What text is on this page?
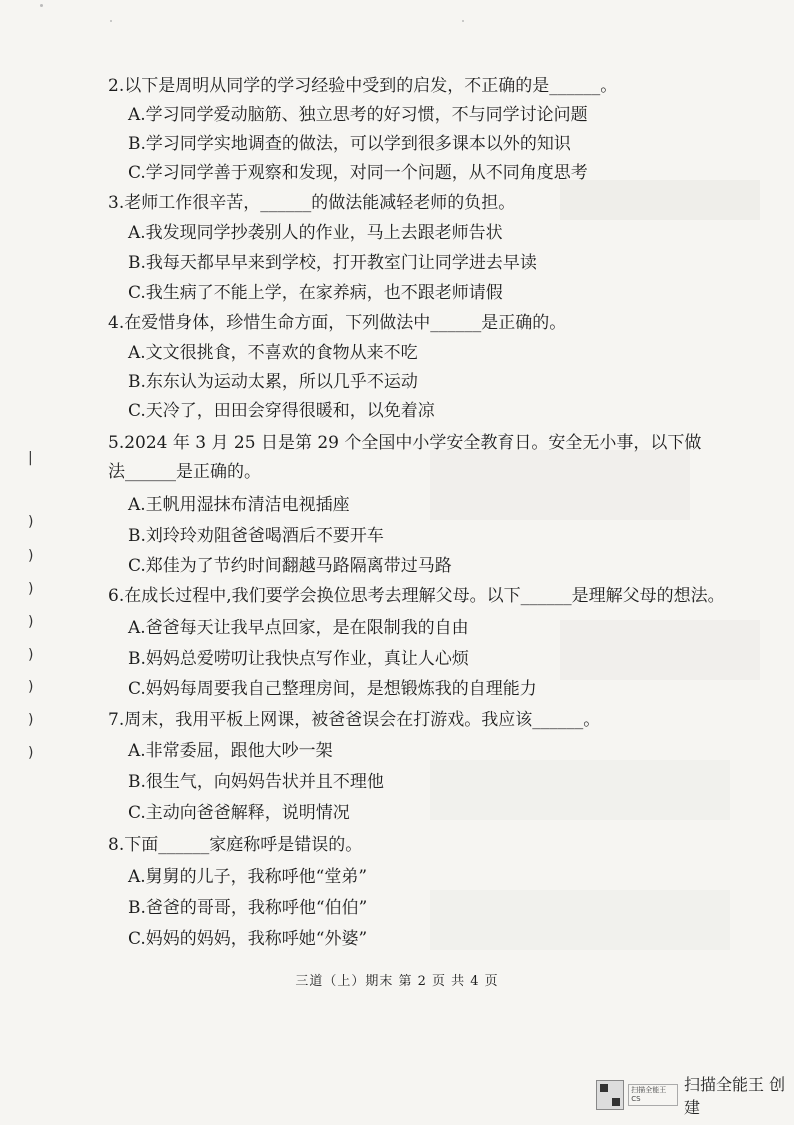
2.以下是周明从同学的学习经验中受到的启发，不正确的是______。
A.学习同学爱动脑筋、独立思考的好习惯，不与同学讨论问题
B.学习同学实地调查的做法，可以学到很多课本以外的知识
C.学习同学善于观察和发现，对同一个问题，从不同角度思考
3.老师工作很辛苦，______的做法能减轻老师的负担。
A.我发现同学抄袭别人的作业，马上去跟老师告状
B.我每天都早早来到学校，打开教室门让同学进去早读
C.我生病了不能上学，在家养病，也不跟老师请假
4.在爱惜身体，珍惜生命方面，下列做法中______是正确的。
A.文文很挑食，不喜欢的食物从来不吃
B.东东认为运动太累，所以几乎不运动
C.天冷了，田田会穿得很暖和，以免着凉
5.2024 年 3 月 25 日是第 29 个全国中小学安全教育日。安全无小事，以下做
法______是正确的。
A.王帆用湿抹布清洁电视插座
B.刘玲玲劝阻爸爸喝酒后不要开车
C.郑佳为了节约时间翻越马路隔离带过马路
6.在成长过程中,我们要学会换位思考去理解父母。以下______是理解父母的想法。
A.爸爸每天让我早点回家，是在限制我的自由
B.妈妈总爱唠叨让我快点写作业，真让人心烦
C.妈妈每周要我自己整理房间，是想锻炼我的自理能力
7.周末，我用平板上网课，被爸爸误会在打游戏。我应该______。
A.非常委屈，跟他大吵一架
B.很生气，向妈妈告状并且不理他
C.主动向爸爸解释，说明情况
8.下面______家庭称呼是错误的。
A.舅舅的儿子，我称呼他“堂弟”
B.爸爸的哥哥，我称呼他“伯伯”
C.妈妈的妈妈，我称呼她“外婆”
三道（上）期末 第 2 页 共 4 页
|
)
)
)
)
)
)
)
)
扫描全能王 CS
扫描全能王 创建
